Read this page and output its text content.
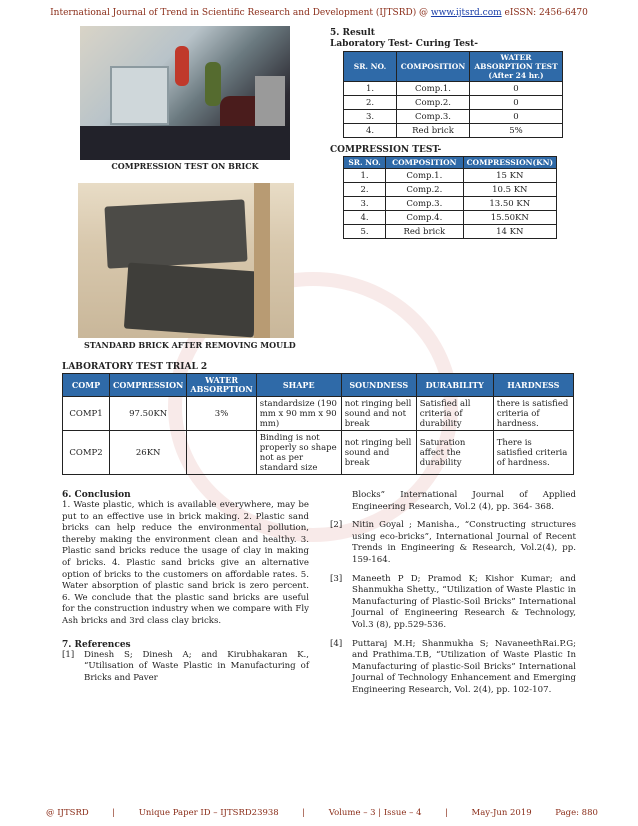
International Journal of Trend in Scientific Research and Development (IJTSRD) @ www.ijtsrd.com eISSN: 2456-6470
COMPRESSION TEST ON BRICK
STANDARD BRICK AFTER REMOVING MOULD
5. Result
Laboratory Test- Curing Test-
SR. NO.	COMPOSITION	WATER ABSORPTION TEST (After 24 hr.)
1.	Comp.1.	0
2.	Comp.2.	0
3.	Comp.3.	0
4.	Red brick	5%
COMPRESSION TEST-
SR. NO.	COMPOSITION	COMPRESSION(KN)
1.	Comp.1.	15 KN
2.	Comp.2.	10.5 KN
3.	Comp.3.	13.50 KN
4.	Comp.4.	15.50KN
5.	Red brick	14 KN
LABORATORY TEST TRIAL 2
COMP	COMPRESSION	WATER ABSORPTION	SHAPE	SOUNDNESS	DURABILITY	HARDNESS
COMP1	97.50KN	3%	standardsize (190 mm x 90 mm x 90 mm)	not ringing bell sound and not break	Satisfied all criteria of durability	there is satisfied criteria of hardness.
COMP2	26KN		Binding is not properly so shape not as per standard size	not ringing bell sound and break	Saturation affect the durability	There is satisfied criteria of hardness.
6. Conclusion
1. Waste plastic, which is available everywhere, may be put to an effective use in brick making. 2. Plastic sand bricks can help reduce the environmental pollution, thereby making the environment clean and healthy. 3. Plastic sand bricks reduce the usage of clay in making of bricks. 4. Plastic sand bricks give an alternative option of bricks to the customers on affordable rates. 5. Water absorption of plastic sand brick is zero percent. 6. We conclude that the plastic sand bricks are useful for the construction industry when we compare with Fly Ash bricks and 3rd class clay bricks.
7. References
[1]	Dinesh S; Dinesh A; and Kirubhakaran K., “Utilisation of Waste Plastic in Manufacturing of Bricks and Paver
Blocks” International Journal of Applied Engineering Research, Vol.2 (4), pp. 364- 368.
[2]	Nitin Goyal ; Manisha., “Constructing structures using eco-bricks”, International Journal of Recent Trends in Engineering & Research, Vol.2(4), pp. 159-164.
[3]	Maneeth P D; Pramod K; Kishor Kumar; and Shanmukha Shetty., “Utilization of Waste Plastic in Manufacturing of Plastic-Soil Bricks” International Journal of Engineering Research & Technology, Vol.3 (8), pp.529-536.
[4]	Puttaraj M.H; Shanmukha S; NavaneethRai.P.G; and Prathima.T.B, “Utilization of Waste Plastic In Manufacturing of plastic-Soil Bricks” International Journal of Technology Enhancement and Emerging Engineering Research, Vol. 2(4), pp. 102-107.
@ IJTSRD	|	Unique Paper ID – IJTSRD23938	|	Volume – 3 | Issue – 4	|	May-Jun 2019	Page: 880
